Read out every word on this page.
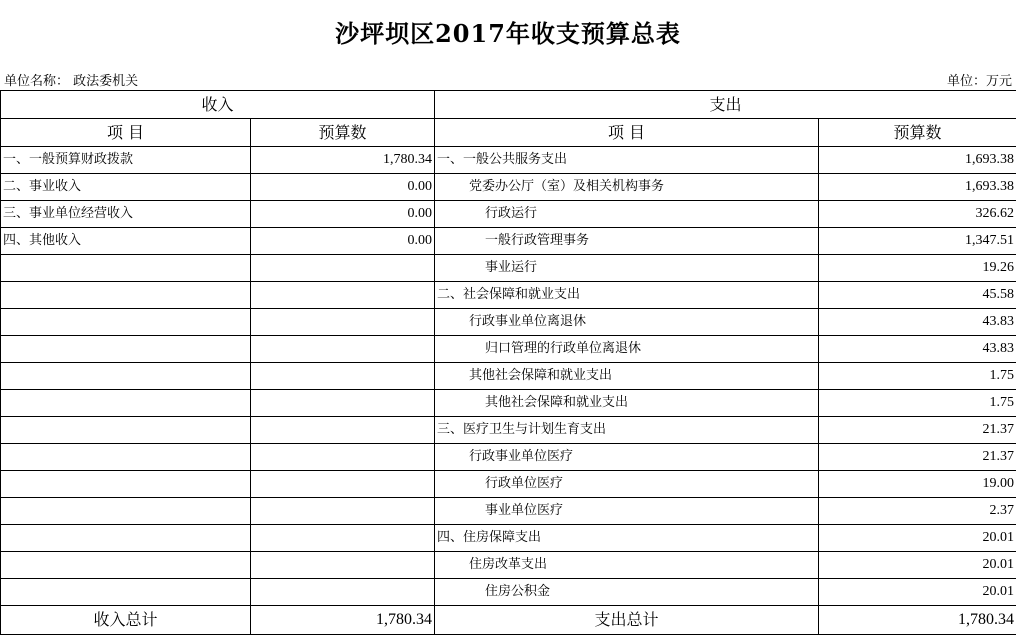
沙坪坝区2017年收支预算总表
单位名称： 政法委机关	单位：万元
收入		支出	
项 目	预算数	项 目	预算数
一、一般预算财政拨款	1,780.34	一、一般公共服务支出	1,693.38
二、事业收入	0.00	党委办公厅（室）及相关机构事务	1,693.38
三、事业单位经营收入	0.00	行政运行	326.62
四、其他收入	0.00	一般行政管理事务	1,347.51
		事业运行	19.26
		二、社会保障和就业支出	45.58
		行政事业单位离退休	43.83
		归口管理的行政单位离退休	43.83
		其他社会保障和就业支出	1.75
		其他社会保障和就业支出	1.75
		三、医疗卫生与计划生育支出	21.37
		行政事业单位医疗	21.37
		行政单位医疗	19.00
		事业单位医疗	2.37
		四、住房保障支出	20.01
		住房改革支出	20.01
		住房公积金	20.01
收入总计	1,780.34	支出总计	1,780.34
